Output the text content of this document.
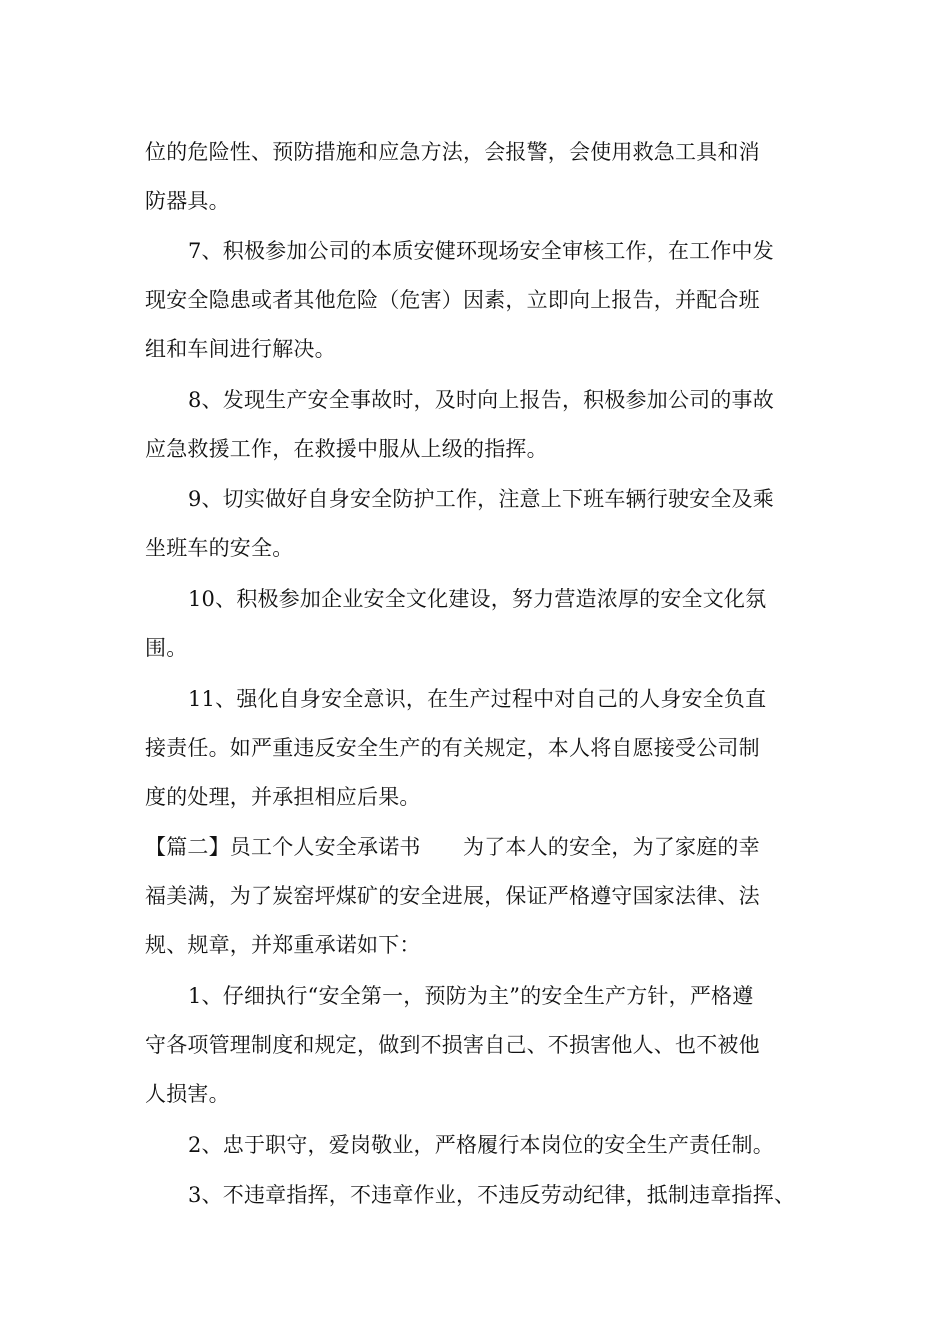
位的危险性、预防措施和应急方法，会报警，会使用救急工具和消
防器具。
7、积极参加公司的本质安健环现场安全审核工作，在工作中发
现安全隐患或者其他危险（危害）因素，立即向上报告，并配合班
组和车间进行解决。
8、发现生产安全事故时，及时向上报告，积极参加公司的事故
应急救援工作，在救援中服从上级的指挥。
9、切实做好自身安全防护工作，注意上下班车辆行驶安全及乘
坐班车的安全。
10、积极参加企业安全文化建设，努力营造浓厚的安全文化氛
围。
11、强化自身安全意识，在生产过程中对自己的人身安全负直
接责任。如严重违反安全生产的有关规定，本人将自愿接受公司制
度的处理，并承担相应后果。
【篇二】员工个人安全承诺书　　为了本人的安全，为了家庭的幸
福美满，为了炭窑坪煤矿的安全进展，保证严格遵守国家法律、法
规、规章，并郑重承诺如下：
1、仔细执行“安全第一，预防为主”的安全生产方针，严格遵
守各项管理制度和规定，做到不损害自己、不损害他人、也不被他
人损害。
2、忠于职守，爱岗敬业，严格履行本岗位的安全生产责任制。
3、不违章指挥，不违章作业，不违反劳动纪律，抵制违章指挥、
